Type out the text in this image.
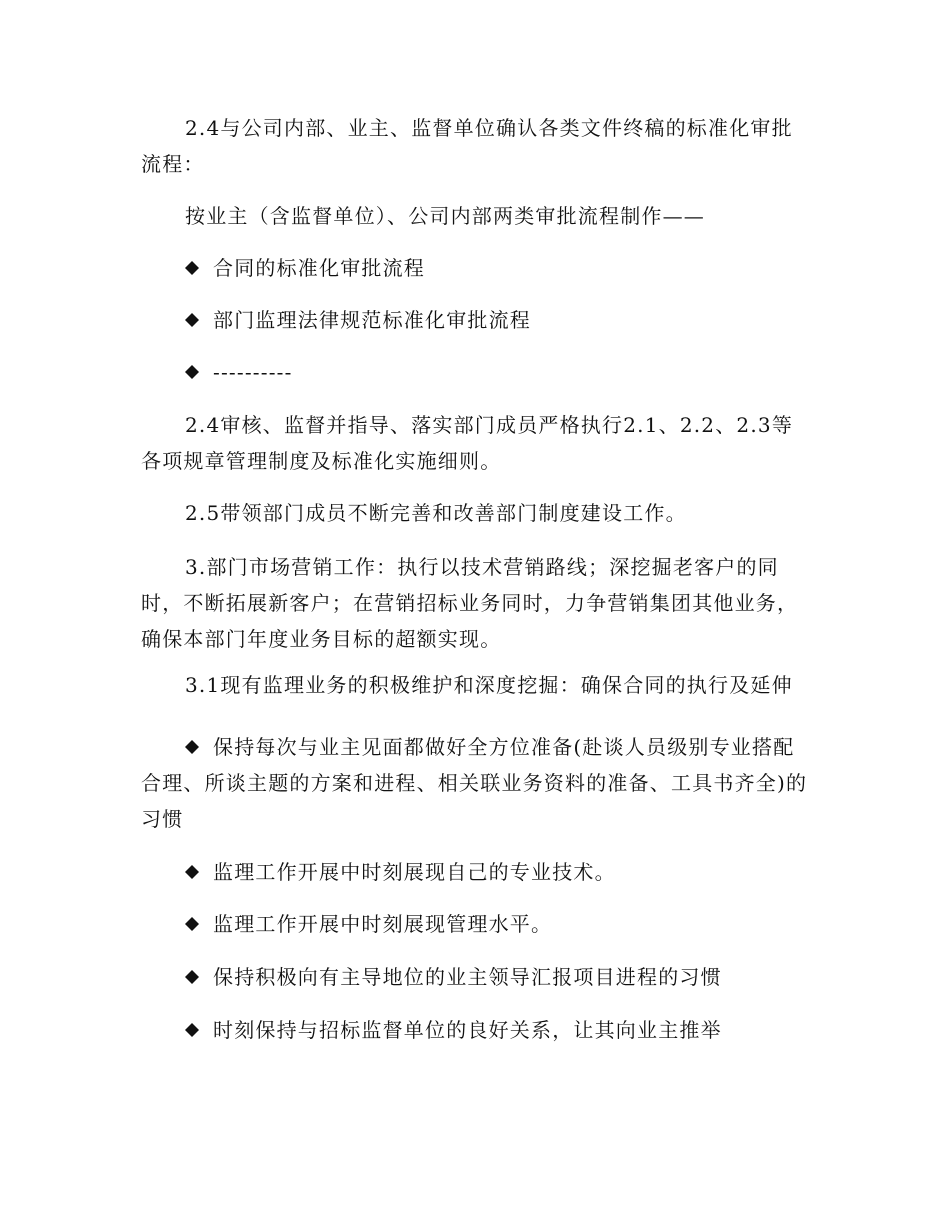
2.4与公司内部、业主、监督单位确认各类文件终稿的标准化审批流程：

按业主（含监督单位）、公司内部两类审批流程制作——

合同的标准化审批流程

部门监理法律规范标准化审批流程

----------

2.4审核、监督并指导、落实部门成员严格执行2.1、2.2、2.3等各项规章管理制度及标准化实施细则。

2.5带领部门成员不断完善和改善部门制度建设工作。

3.部门市场营销工作：执行以技术营销路线；深挖掘老客户的同时，不断拓展新客户；在营销招标业务同时，力争营销集团其他业务，确保本部门年度业务目标的超额实现。

3.1现有监理业务的积极维护和深度挖掘：确保合同的执行及延伸

保持每次与业主见面都做好全方位准备(赴谈人员级别专业搭配合理、所谈主题的方案和进程、相关联业务资料的准备、工具书齐全)的习惯

监理工作开展中时刻展现自己的专业技术。

监理工作开展中时刻展现管理水平。

保持积极向有主导地位的业主领导汇报项目进程的习惯

时刻保持与招标监督单位的良好关系，让其向业主推举
